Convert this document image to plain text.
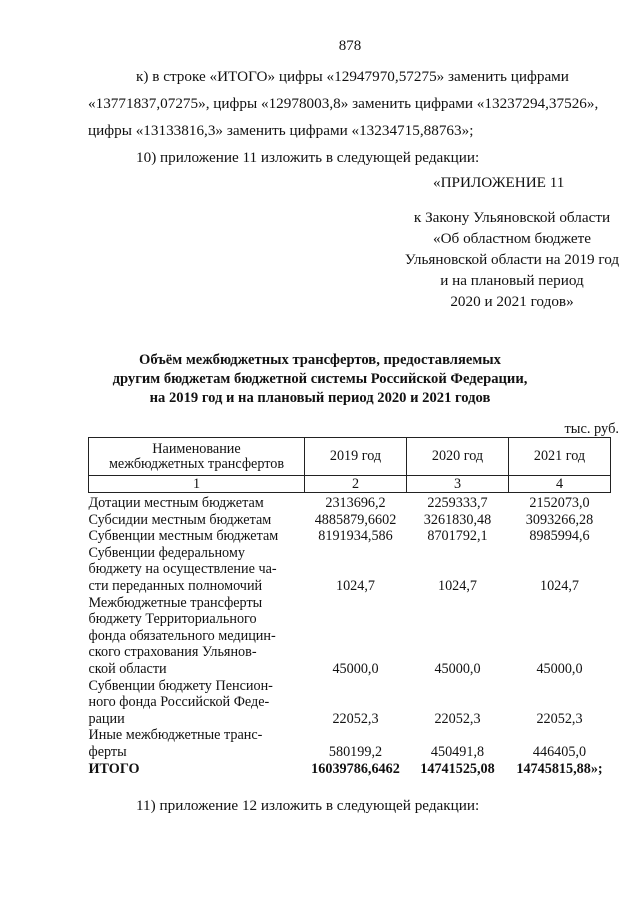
878
к) в строке «ИТОГО» цифры «12947970,57275» заменить цифрами
«13771837,07275», цифры «12978003,8» заменить цифрами «13237294,37526»,
цифры «13133816,3» заменить цифрами «13234715,88763»;
10) приложение 11 изложить в следующей редакции:
«ПРИЛОЖЕНИЕ 11
к Закону Ульяновской области
«Об областном бюджете
Ульяновской области на 2019 год
и на плановый период
2020 и 2021 годов»
Объём межбюджетных трансфертов, предоставляемых
другим бюджетам бюджетной системы Российской Федерации,
на 2019 год и на плановый период 2020 и 2021 годов
тыс. руб.
Наименование межбюджетных трансфертов	2019 год	2020 год	2021 год
1	2	3	4

Дотации местным бюджетам	2313696,2	2259333,7	2152073,0

Субсидии местным бюджетам	4885879,6602	3261830,48	3093266,28

Субвенции местным бюджетам	8191934,586	8701792,1	8985994,6

Субвенции федеральному
бюджету на осуществление ча-
сти переданных полномочий	1024,7	1024,7	1024,7

Межбюджетные трансферты
бюджету Территориального
фонда обязательного медицин-
ского страхования Ульянов-
ской области	45000,0	45000,0	45000,0

Субвенции бюджету Пенсион-
ного фонда Российской Феде-
рации	22052,3	22052,3	22052,3

Иные межбюджетные транс-
ферты	580199,2	450491,8	446405,0
ИТОГО	16039786,6462	14741525,08	14745815,88»;
11) приложение 12 изложить в следующей редакции:
